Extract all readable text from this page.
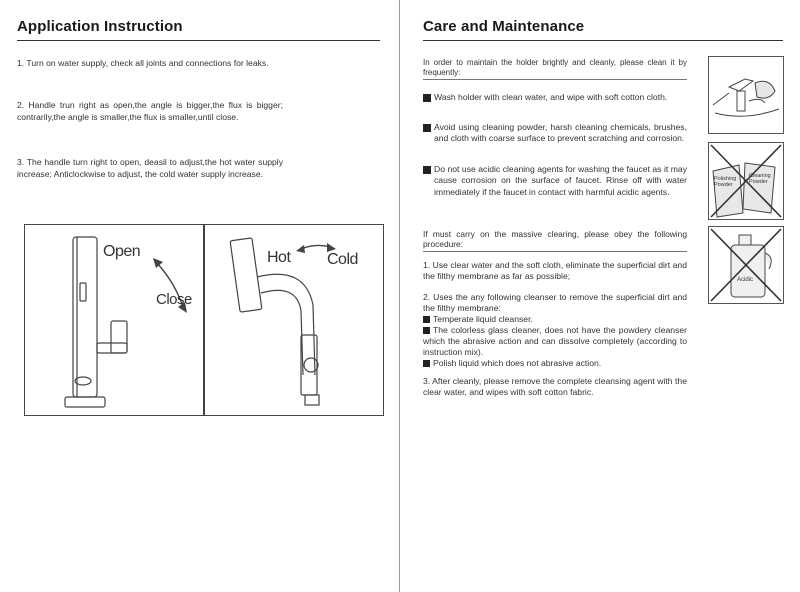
Application Instruction
1. Turn on water supply, check all joints and connections for leaks.
2. Handle trun right as open,the angle is bigger,the flux is bigger; contrarily,the angle is smaller,the flux is smaller,until close.
3. The handle turn right to open, deasil to adjust,the hot water supply increase; Anticlockwise to adjust, the cold water supply increase.
Open
Close
Hot Cold
Care and Maintenance
In order to maintain the holder brightly and cleanly, please clean it by frequently:
Wash holder with clean water, and wipe with soft cotton cloth.
Avoid using cleaning powder, harsh cleaning chemicals, brushes, and cloth with coarse surface to prevent scratching and corrosion.
Do not use acidic cleaning agents for washing the faucet as it may cause corrosion on the surface of faucet. Rinse off with water immediately if the faucet in contact with harmful acidic agents.
If must carry on the massive clearing, please obey the following procedure:
1. Use clear water and the soft cloth, eliminate the superficial dirt and the filthy membrane as far as possible;
2. Uses the any following cleanser to remove the superficial dirt and the filthy membrane:
Temperate liquid cleanser.
The colorless glass cleaner, does not have the powdery cleanser which the abrasive action and can dissolve completely (according to instruction mix).
Polish liquid which does not abrasive action.
3. After cleanly, please remove the complete cleansing agent with the clear water, and wipes with soft cotton fabric.
Polishing Powder
Cleaning Powder
Acidic
